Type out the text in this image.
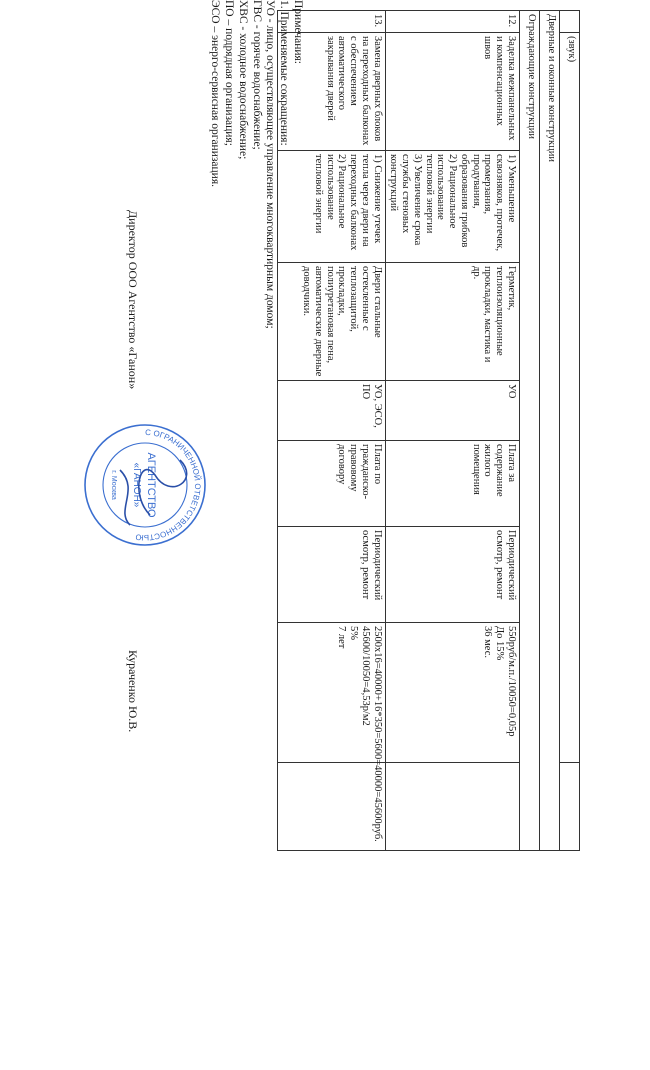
	(звук)							
Дверные и оконные конструкции								
Ограждающие конструкции								
12.	Заделка межпанельных и компенсационных швов	1) Уменьшение сквозняков, протечек, промерзания, продувания, образования грибков
2) Рациональное использование тепловой энергии
3) Увеличение срока службы стеновых конструкций	Герметик, теплоизоляционные прокладки, мастика и др.	УО	Плата за содержание жилого помещения	Периодический осмотр, ремонт	550руб/м.п./10050=0,05р
До 15%
36 мес.	
13.	Замена дверных блоков на переходных балконах с обеспечением автоматического закрывания дверей	1) Снижение утечек тепла через двери на переходных балконах
2) Рациональное использование тепловой энергии	Двери стальные остекленные с теплозащитой, прокладки, полиуретановая пена, автоматические дверные доводчики.	УО, ЭСО, ПО	Плата по гражданско-правовому договору	Периодический осмотр, ремонт	2500х16=40000+16*350=5600=40000=45600руб.
45600/10050=4,53р/м2
5%
7 лет	
Примечания:
1. Применяемые сокращения:
УО - лицо, осуществляющее управление многоквартирным домом;
ГВС - горячее водоснабжение;
ХВС - холодное водоснабжение;
ПО – подрядная организация;
ЭСО – энерго-сервисная организация.
С ОГРАНИЧЕННОЙ ОТВЕТСТВЕННОСТЬЮ
АГЕНТСТВО
«ГАНОН»
г. Москва
Директор ООО Агентство «Ганон»
Кураченко Ю.В.
